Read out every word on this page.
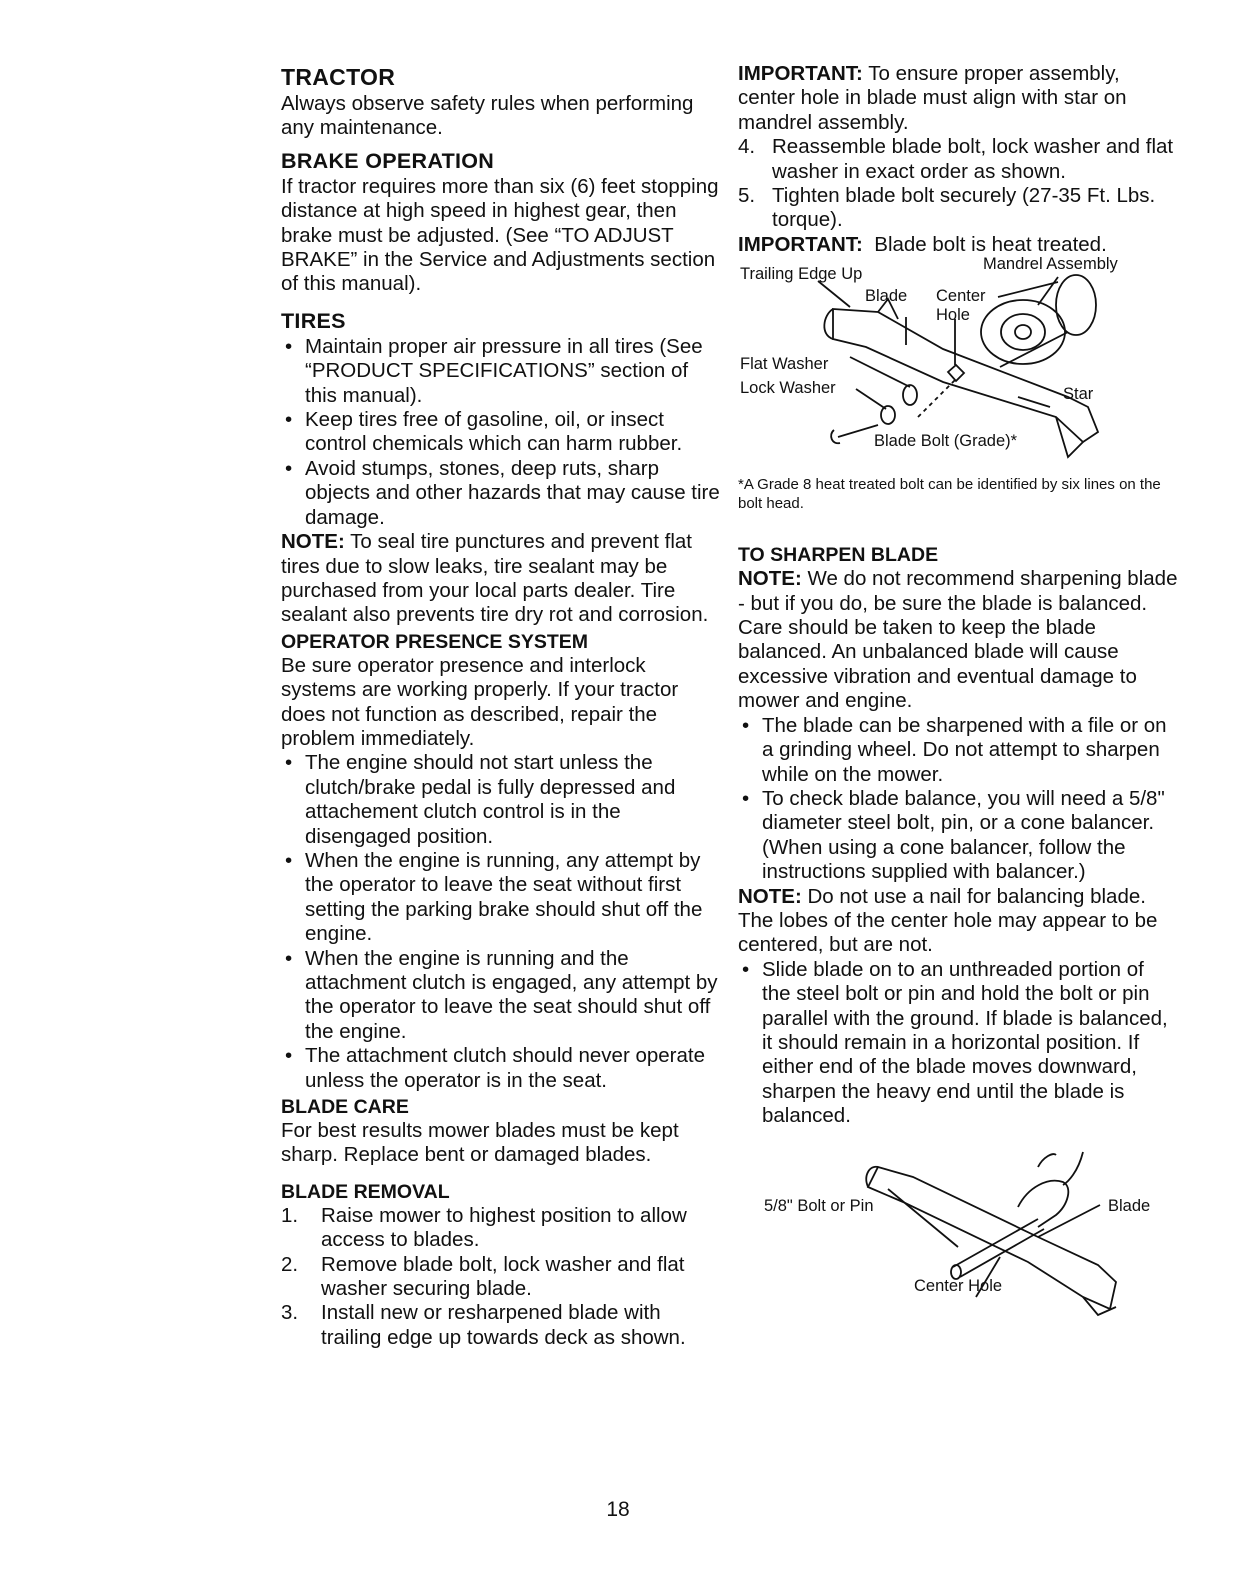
TRACTOR

Always observe safety rules when performing any maintenance.

BRAKE OPERATION

If tractor requires more than six (6) feet stopping distance at high speed in highest gear, then brake must be adjusted. (See “TO ADJUST BRAKE” in the Service and Adjustments section of this manual).

TIRES
• Maintain proper air pressure in all tires (See “PRODUCT SPECIFICATIONS” section of this manual).
• Keep tires free of gasoline, oil, or insect control chemicals which can harm rubber.
• Avoid stumps, stones, deep ruts, sharp objects and other hazards that may cause tire damage.

NOTE: To seal tire punctures and prevent flat tires due to slow leaks, tire sealant may be purchased from your local parts dealer. Tire sealant also prevents tire dry rot and corrosion.

OPERATOR PRESENCE SYSTEM

Be sure operator presence and interlock systems are working properly. If your tractor does not function as described, repair the problem immediately.

• The engine should not start unless the clutch/brake pedal is fully depressed and attachement clutch control is in the disengaged position.
• When the engine is running, any attempt by the operator to leave the seat without first setting the parking brake should shut off the engine.
• When the engine is running and the attachment clutch is engaged, any attempt by the operator to leave the seat should shut off the engine.
• The attachment clutch should never operate unless the operator is in the seat.
BLADE CARE

For best results mower blades must be kept sharp. Replace bent or damaged blades.

BLADE REMOVAL
1. Raise mower to highest position to allow access to blades.
2. Remove blade bolt, lock washer and flat washer securing blade.
3. Install new or resharpened blade with trailing edge up towards deck as shown.

IMPORTANT: To ensure proper assembly, center hole in blade must align with star on mandrel assembly.

4. Reassemble blade bolt, lock washer and flat washer in exact order as shown.
5. Tighten blade bolt securely (27-35 Ft. Lbs. torque).

IMPORTANT:  Blade bolt is heat treated.

Trailing Edge Up
Mandrel Assembly
Blade Center
Hole
Flat Washer
Lock Washer	Star
Blade Bolt (Grade)*

*A Grade 8 heat treated bolt can be identified by six lines on the bolt head.

TO SHARPEN BLADE

NOTE: We do not recommend sharpening blade - but if you do, be sure the blade is balanced.

Care should be taken to keep the blade balanced. An unbalanced blade will cause excessive vibration and eventual damage to mower and engine.

• The blade can be sharpened with a file or on a grinding wheel. Do not attempt to sharpen while on the mower.
• To check blade balance, you will need a 5/8" diameter steel bolt, pin, or a cone balancer. (When using a cone balancer, follow the instructions supplied with balancer.)

NOTE: Do not use a nail for balancing blade. The lobes of the center hole may appear to be centered, but are not.

• Slide blade on to an unthreaded portion of the steel bolt or pin and hold the bolt or pin parallel with the ground. If blade is balanced, it should remain in a horizontal position. If either end of the blade moves downward, sharpen the heavy end until the blade is balanced.
5/8" Bolt or Pin	Blade
Center Hole
18
